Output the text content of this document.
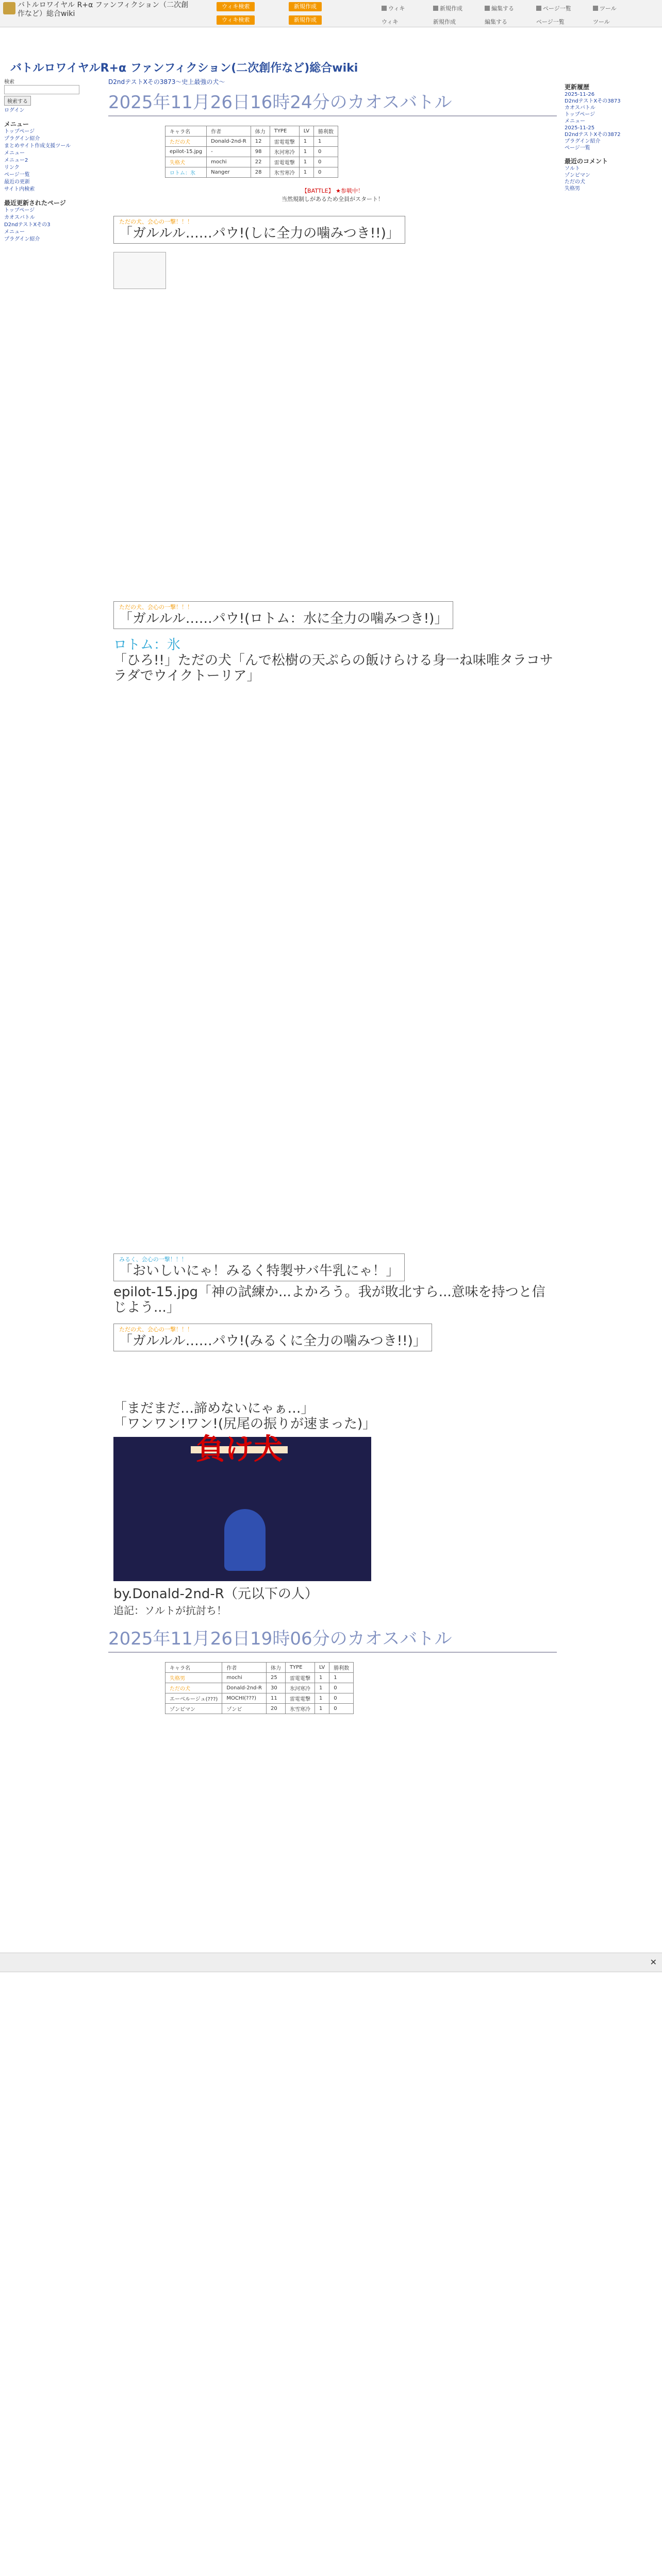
バトルロワイヤル R+α ファンフィクション（二次創作など）総合wiki
ウィキ検索	新規作成
ウィキ検索	新規作成
ウィキ	新規作成	編集する	ページ一覧	ツール
ウィキ	新規作成	編集する	ページ一覧	ツール
バトルロワイヤルR+α ファンフィクション(二次創作など)総合wiki
検索
検索する
ログイン
メニュー
トップページ
プラグイン紹介
まとめサイト作成支援ツール
メニュー
メニュー2
リンク
ページ一覧
最近の更新
サイト内検索
最近更新されたページ
トップページ
カオスバトル
D2ndテストXその3
メニュー
プラグイン紹介
D2ndテストXその3873～史上最強の犬～
2025年11月26日16時24分のカオスバトル
キャラ名	作者	体力	TYPE	LV	勝利数
ただの犬	Donald-2nd-R	12	雷電電撃	1	1
epilot-15.jpg	-	98	氷河寒冷	1	0
失格犬	mochi	22	雷電電撃	1	0
ロトム：氷	Nanger	28	氷雪寒冷	1	0
【BATTLE】 ★参戦中！
当然規制しがあるため全員がスタート！
ただの犬、会心の一撃！！！
「ガルルル……パウ!(しに全力の噛みつき!!)」
ただの犬、会心の一撃！！！
「ガルルル……パウ!(ロトム：水に全力の噛みつき!)」
ロトム：氷
「ひろ!!」ただの犬「んで松樹の天ぷらの飯けらける身一ね味唯タラコサラダでウイクトーリア」
みるく、会心の一撃！！！
「おいしいにゃ！みるく特製サバ牛乳にゃ！」
epilot-15.jpg「神の試練か...よかろう。我が敗北すら...意味を持つと信じよう...」
ただの犬、会心の一撃！！！
「ガルルル……パウ!(みるくに全力の噛みつき!!)」
「まだまだ…諦めないにゃぁ…」
「ワンワン!ワン!(尻尾の振りが速まった)」
負け犬
by.Donald-2nd-R（元以下の人）
追記：ソルトが抗討ち！
2025年11月26日19時06分のカオスバトル
キャラ名	作者	体力	TYPE	LV	勝利数
失格男	mochi	25	雷電電撃	1	1
ただの犬	Donald-2nd-R	30	氷河寒冷	1	0
エーベルージュ(???)	MOCHI(???)	11	雷電電撃	1	0
ゾンビマン	ゾンビ	20	氷雪寒冷	1	0
更新履歴
2025-11-26
D2ndテストXその3873
カオスバトル
トップページ
メニュー
2025-11-25
D2ndテストXその3872
プラグイン紹介
ページ一覧
最近のコメント
ソルト
ゾンビマン
ただの犬
失格男
✕
